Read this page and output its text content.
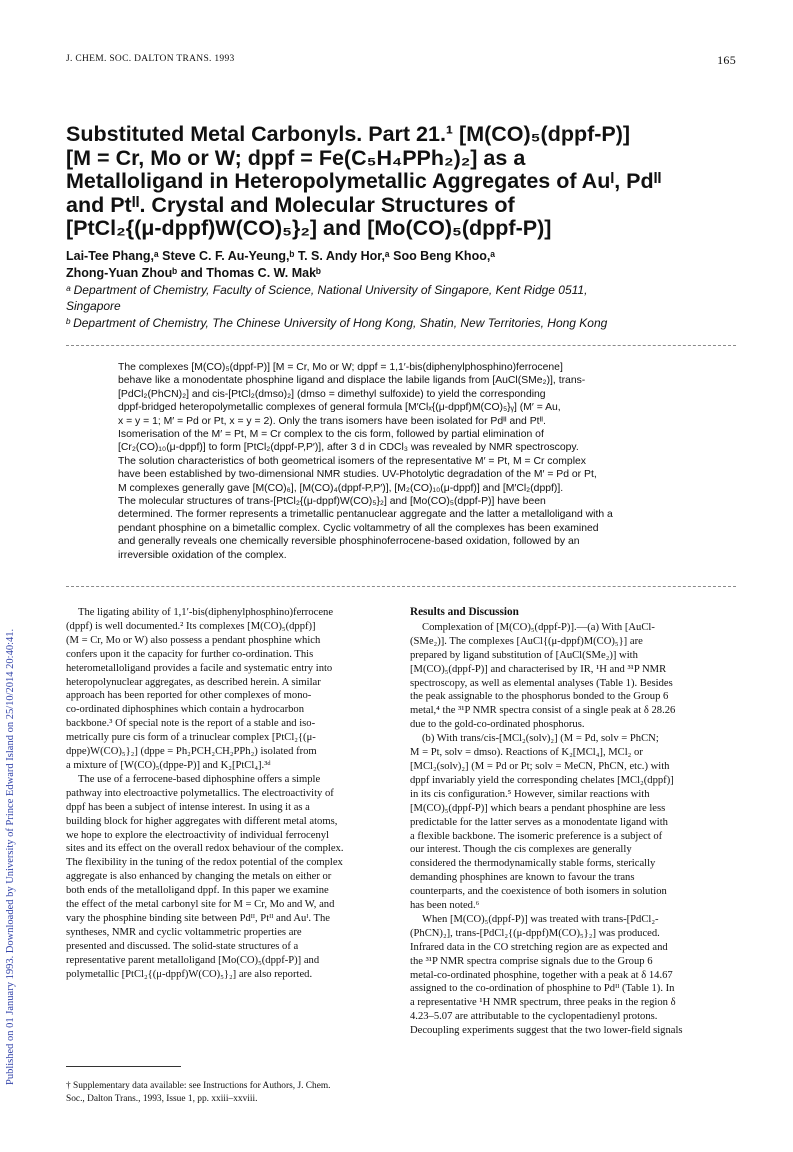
J. CHEM. SOC. DALTON TRANS. 1993	165
Published on 01 January 1993. Downloaded by University of Prince Edward Island on 25/10/2014 20:40:41.
Substituted Metal Carbonyls. Part 21.¹ [M(CO)₅(dppf-P)]
[M = Cr, Mo or W; dppf = Fe(C₅H₄PPh₂)₂] as a
Metalloligand in Heteropolymetallic Aggregates of Auᴵ, Pdᴵᴵ
and Ptᴵᴵ. Crystal and Molecular Structures of
[PtCl₂{(μ-dppf)W(CO)₅}₂] and [Mo(CO)₅(dppf-P)]
Lai-Tee Phang,ᵃ Steve C. F. Au-Yeung,ᵇ T. S. Andy Hor,ᵃ Soo Beng Khoo,ᵃ
Zhong-Yuan Zhouᵇ and Thomas C. W. Makᵇ
ᵃ Department of Chemistry, Faculty of Science, National University of Singapore, Kent Ridge 0511,
Singapore
ᵇ Department of Chemistry, The Chinese University of Hong Kong, Shatin, New Territories, Hong Kong
The complexes [M(CO)₅(dppf-P)] [M = Cr, Mo or W; dppf = 1,1′-bis(diphenylphosphino)ferrocene]
behave like a monodentate phosphine ligand and displace the labile ligands from [AuCl(SMe₂)], trans-
[PdCl₂(PhCN)₂] and cis-[PtCl₂(dmso)₂] (dmso = dimethyl sulfoxide) to yield the corresponding
dppf-bridged heteropolymetallic complexes of general formula [M′Clₓ{(μ-dppf)M(CO)₅}ᵧ] (M′ = Au,
x = y = 1; M′ = Pd or Pt, x = y = 2). Only the trans isomers have been isolated for Pdᴵᴵ and Ptᴵᴵ.
Isomerisation of the M′ = Pt, M = Cr complex to the cis form, followed by partial elimination of
[Cr₂(CO)₁₀(μ-dppf)] to form [PtCl₂(dppf-P,P′)], after 3 d in CDCl₃ was revealed by NMR spectroscopy.
The solution characteristics of both geometrical isomers of the representative M′ = Pt, M = Cr complex
have been established by two-dimensional NMR studies. UV-Photolytic degradation of the M′ = Pd or Pt,
M complexes generally gave [M(CO)₆], [M(CO)₄(dppf-P,P′)], [M₂(CO)₁₀(μ-dppf)] and [M′Cl₂(dppf)].
The molecular structures of trans-[PtCl₂{(μ-dppf)W(CO)₅}₂] and [Mo(CO)₅(dppf-P)] have been
determined. The former represents a trimetallic pentanuclear aggregate and the latter a metalloligand with a
pendant phosphine on a bimetallic complex. Cyclic voltammetry of all the complexes has been examined
and generally reveals one chemically reversible phosphinoferrocene-based oxidation, followed by an
irreversible oxidation of the complex.
The ligating ability of 1,1′-bis(diphenylphosphino)ferrocene
(dppf) is well documented.² Its complexes [M(CO)₅(dppf)]
(M = Cr, Mo or W) also possess a pendant phosphine which
confers upon it the capacity for further co-ordination. This
heterometalloligand provides a facile and systematic entry into
heteropolynuclear aggregates, as described herein. A similar
approach has been reported for other complexes of mono-
co-ordinated diphosphines which contain a hydrocarbon
backbone.³ Of special note is the report of a stable and iso-
metrically pure cis form of a trinuclear complex [PtCl₂{(μ-
dppe)W(CO)₅}₂] (dppe = Ph₂PCH₂CH₂PPh₂) isolated from
a mixture of [W(CO)₅(dppe-P)] and K₂[PtCl₄].³ᵈ
The use of a ferrocene-based diphosphine offers a simple
pathway into electroactive polymetallics. The electroactivity of
dppf has been a subject of intense interest. In using it as a
building block for higher aggregates with different metal atoms,
we hope to explore the electroactivity of individual ferrocenyl
sites and its effect on the overall redox behaviour of the complex.
The flexibility in the tuning of the redox potential of the complex
aggregate is also enhanced by changing the metals on either or
both ends of the metalloligand dppf. In this paper we examine
the effect of the metal carbonyl site for M = Cr, Mo and W, and
vary the phosphine binding site between Pdᴵᴵ, Ptᴵᴵ and Auᴵ. The
syntheses, NMR and cyclic voltammetric properties are
presented and discussed. The solid-state structures of a
representative parent metalloligand [Mo(CO)₅(dppf-P)] and
polymetallic [PtCl₂{(μ-dppf)W(CO)₅}₂] are also reported.
Results and Discussion
Complexation of [M(CO)₅(dppf-P)].—(a) With [AuCl-
(SMe₂)]. The complexes [AuCl{(μ-dppf)M(CO)₅}] are
prepared by ligand substitution of [AuCl(SMe₂)] with
[M(CO)₅(dppf-P)] and characterised by IR, ¹H and ³¹P NMR
spectroscopy, as well as elemental analyses (Table 1). Besides
the peak assignable to the phosphorus bonded to the Group 6
metal,⁴ the ³¹P NMR spectra consist of a single peak at δ 28.26
due to the gold-co-ordinated phosphorus.
(b) With trans/cis-[MCl₂(solv)₂] (M = Pd, solv = PhCN;
M = Pt, solv = dmso). Reactions of K₂[MCl₄], MCl₂ or
[MCl₂(solv)₂] (M = Pd or Pt; solv = MeCN, PhCN, etc.) with
dppf invariably yield the corresponding chelates [MCl₂(dppf)]
in its cis configuration.⁵ However, similar reactions with
[M(CO)₅(dppf-P)] which bears a pendant phosphine are less
predictable for the latter serves as a monodentate ligand with
a flexible backbone. The isomeric preference is a subject of
our interest. Though the cis complexes are generally
considered the thermodynamically stable forms, sterically
demanding phosphines are known to favour the trans
counterparts, and the coexistence of both isomers in solution
has been noted.⁶
When [M(CO)₅(dppf-P)] was treated with trans-[PdCl₂-
(PhCN)₂], trans-[PdCl₂{(μ-dppf)M(CO)₅}₂] was produced.
Infrared data in the CO stretching region are as expected and
the ³¹P NMR spectra comprise signals due to the Group 6
metal-co-ordinated phosphine, together with a peak at δ 14.67
assigned to the co-ordination of phosphine to Pdᴵᴵ (Table 1). In
a representative ¹H NMR spectrum, three peaks in the region δ
4.23–5.07 are attributable to the cyclopentadienyl protons.
Decoupling experiments suggest that the two lower-field signals
† Supplementary data available: see Instructions for Authors, J. Chem.
Soc., Dalton Trans., 1993, Issue 1, pp. xxiii–xxviii.
